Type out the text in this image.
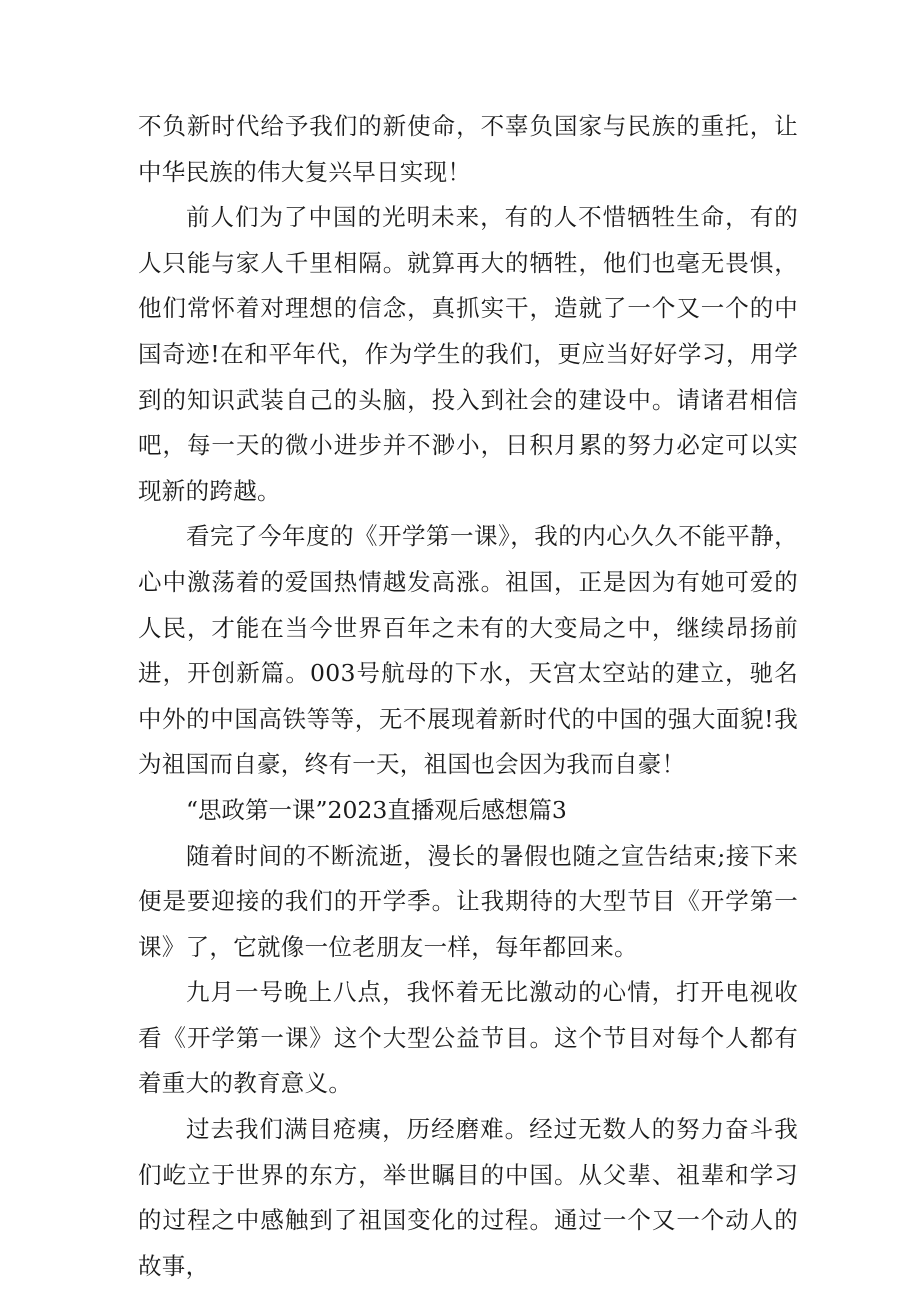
不负新时代给予我们的新使命，不辜负国家与民族的重托，让中华民族的伟大复兴早日实现！

前人们为了中国的光明未来，有的人不惜牺牲生命，有的人只能与家人千里相隔。就算再大的牺牲，他们也毫无畏惧，他们常怀着对理想的信念，真抓实干，造就了一个又一个的中国奇迹!在和平年代，作为学生的我们，更应当好好学习，用学到的知识武装自己的头脑，投入到社会的建设中。请诸君相信吧，每一天的微小进步并不渺小，日积月累的努力必定可以实现新的跨越。

看完了今年度的《开学第一课》，我的内心久久不能平静，心中激荡着的爱国热情越发高涨。祖国，正是因为有她可爱的人民，才能在当今世界百年之未有的大变局之中，继续昂扬前进，开创新篇。003号航母的下水，天宫太空站的建立，驰名中外的中国高铁等等，无不展现着新时代的中国的强大面貌!我为祖国而自豪，终有一天，祖国也会因为我而自豪！

“思政第一课”2023直播观后感想篇3

随着时间的不断流逝，漫长的暑假也随之宣告结束;接下来便是要迎接的我们的开学季。让我期待的大型节目《开学第一课》了，它就像一位老朋友一样，每年都回来。

九月一号晚上八点，我怀着无比激动的心情，打开电视收看《开学第一课》这个大型公益节目。这个节目对每个人都有着重大的教育意义。

过去我们满目疮痍，历经磨难。经过无数人的努力奋斗我们屹立于世界的东方，举世瞩目的中国。从父辈、祖辈和学习的过程之中感触到了祖国变化的过程。通过一个又一个动人的故事，
